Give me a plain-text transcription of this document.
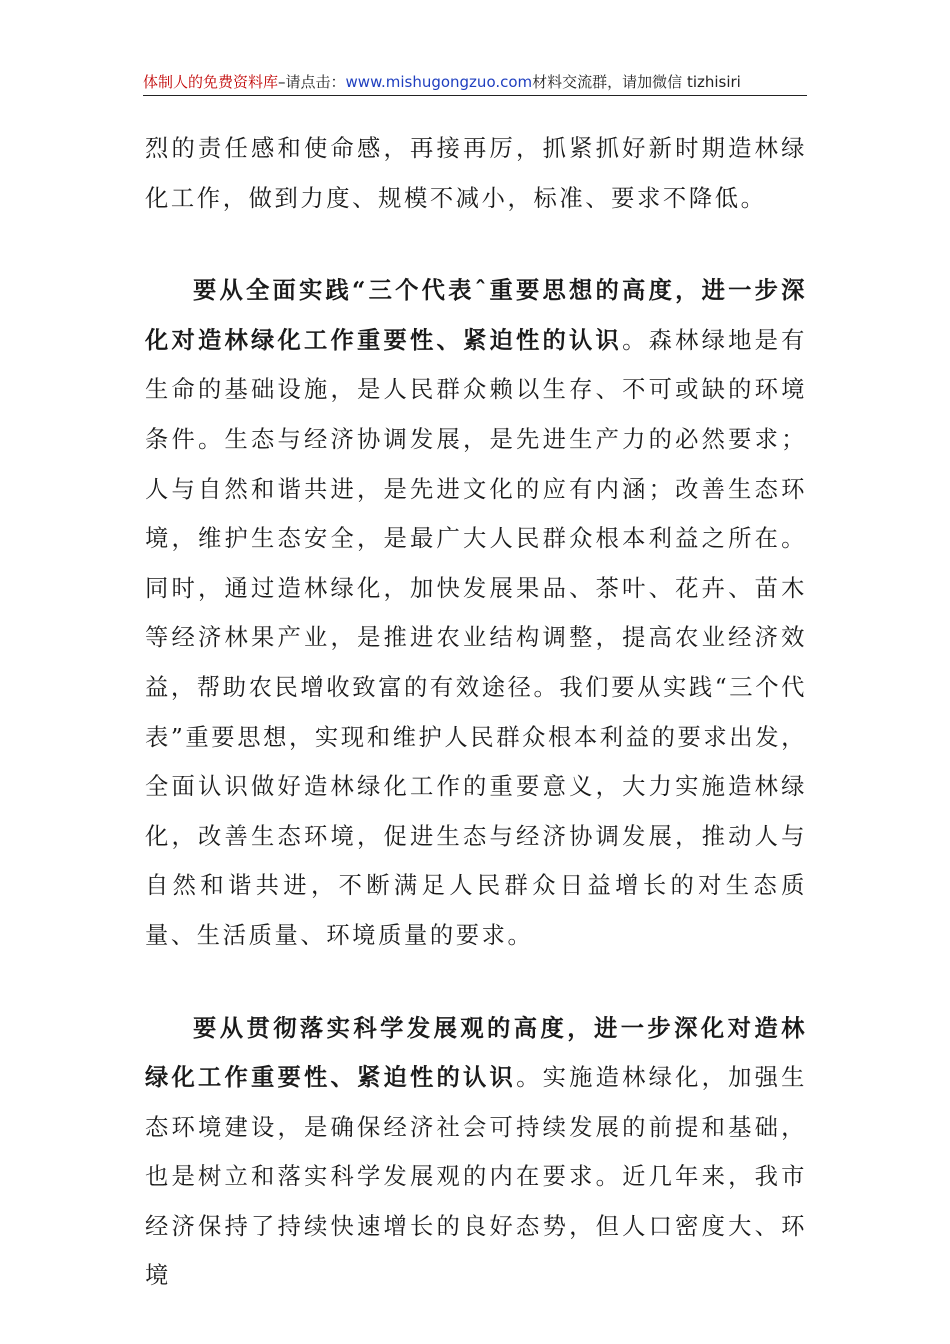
体制人的免费资料库–请点击：www.mishugongzuo.com材料交流群，请加微信 tizhisiri

烈的责任感和使命感，再接再厉，抓紧抓好新时期造林绿化工作，做到力度、规模不减小，标准、要求不降低。

要从全面实践“三个代表ˆ重要思想的高度，进一步深化对造林绿化工作重要性、紧迫性的认识。森林绿地是有生命的基础设施，是人民群众赖以生存、不可或缺的环境条件。生态与经济协调发展，是先进生产力的必然要求；人与自然和谐共进，是先进文化的应有内涵；改善生态环境，维护生态安全，是最广大人民群众根本利益之所在。同时，通过造林绿化，加快发展果品、茶叶、花卉、苗木等经济林果产业，是推进农业结构调整，提高农业经济效益，帮助农民增收致富的有效途径。我们要从实践“三个代表”重要思想，实现和维护人民群众根本利益的要求出发，全面认识做好造林绿化工作的重要意义，大力实施造林绿化，改善生态环境，促进生态与经济协调发展，推动人与自然和谐共进，不断满足人民群众日益增长的对生态质量、生活质量、环境质量的要求。

要从贯彻落实科学发展观的高度，进一步深化对造林绿化工作重要性、紧迫性的认识。实施造林绿化，加强生态环境建设，是确保经济社会可持续发展的前提和基础，也是树立和落实科学发展观的内在要求。近几年来，我市经济保持了持续快速增长的良好态势，但人口密度大、环境
